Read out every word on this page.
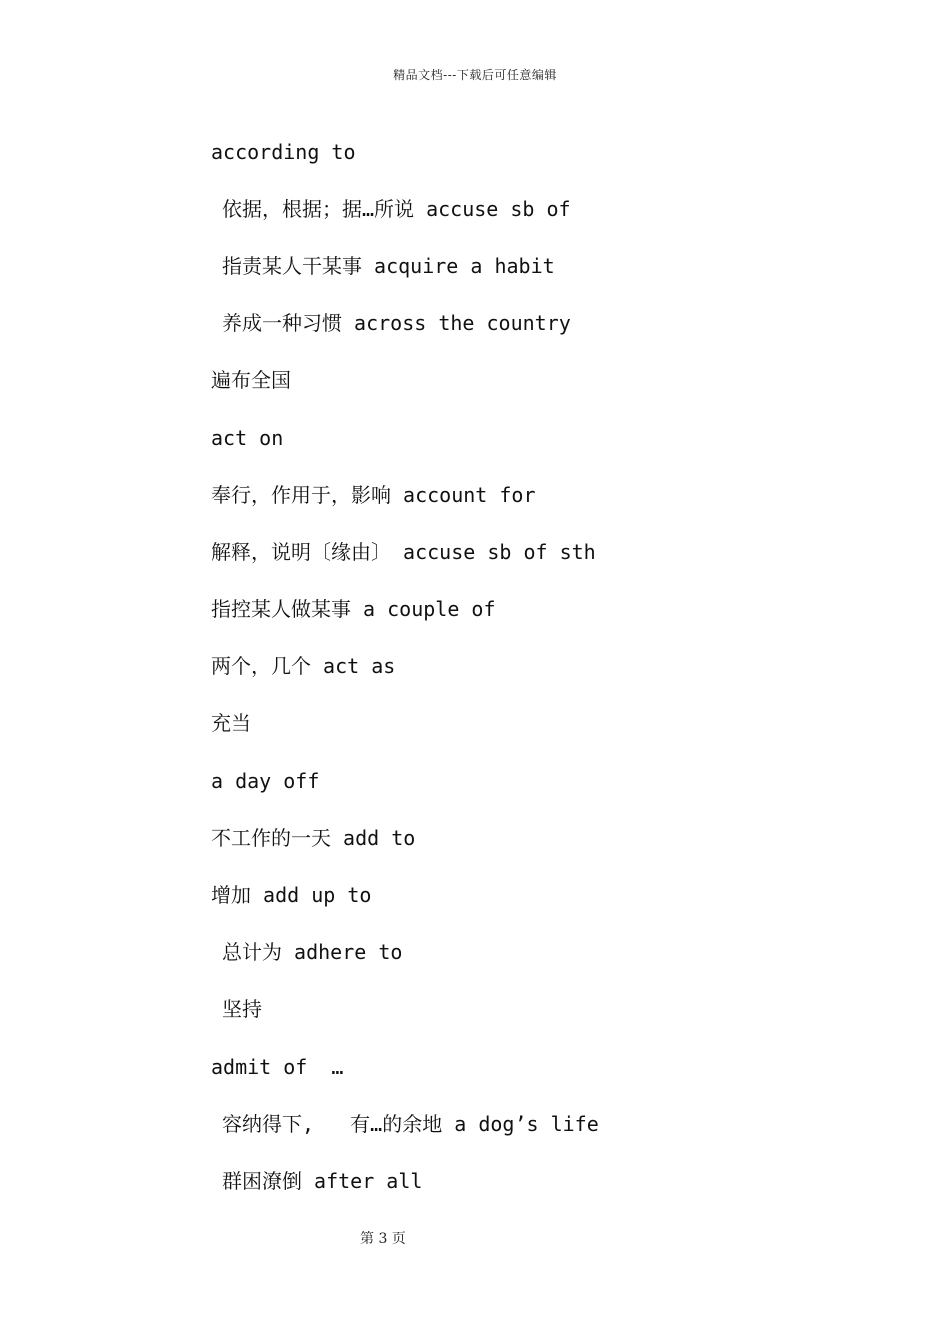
精品文档---下载后可任意编辑
according to
依据，根据；据…所说 accuse sb of
指责某人干某事 acquire a habit
养成一种习惯 across the country
遍布全国
act on
奉行，作用于，影响 account for
解释，说明〔缘由〕 accuse sb of sth
指控某人做某事 a couple of
两个，几个 act as
充当
a day off
不工作的一天 add to
增加 add up to
总计为 adhere to
坚持
admit of  …
容纳得下,   有…的余地 a dog’s life
群困潦倒 after all
第 3 页
